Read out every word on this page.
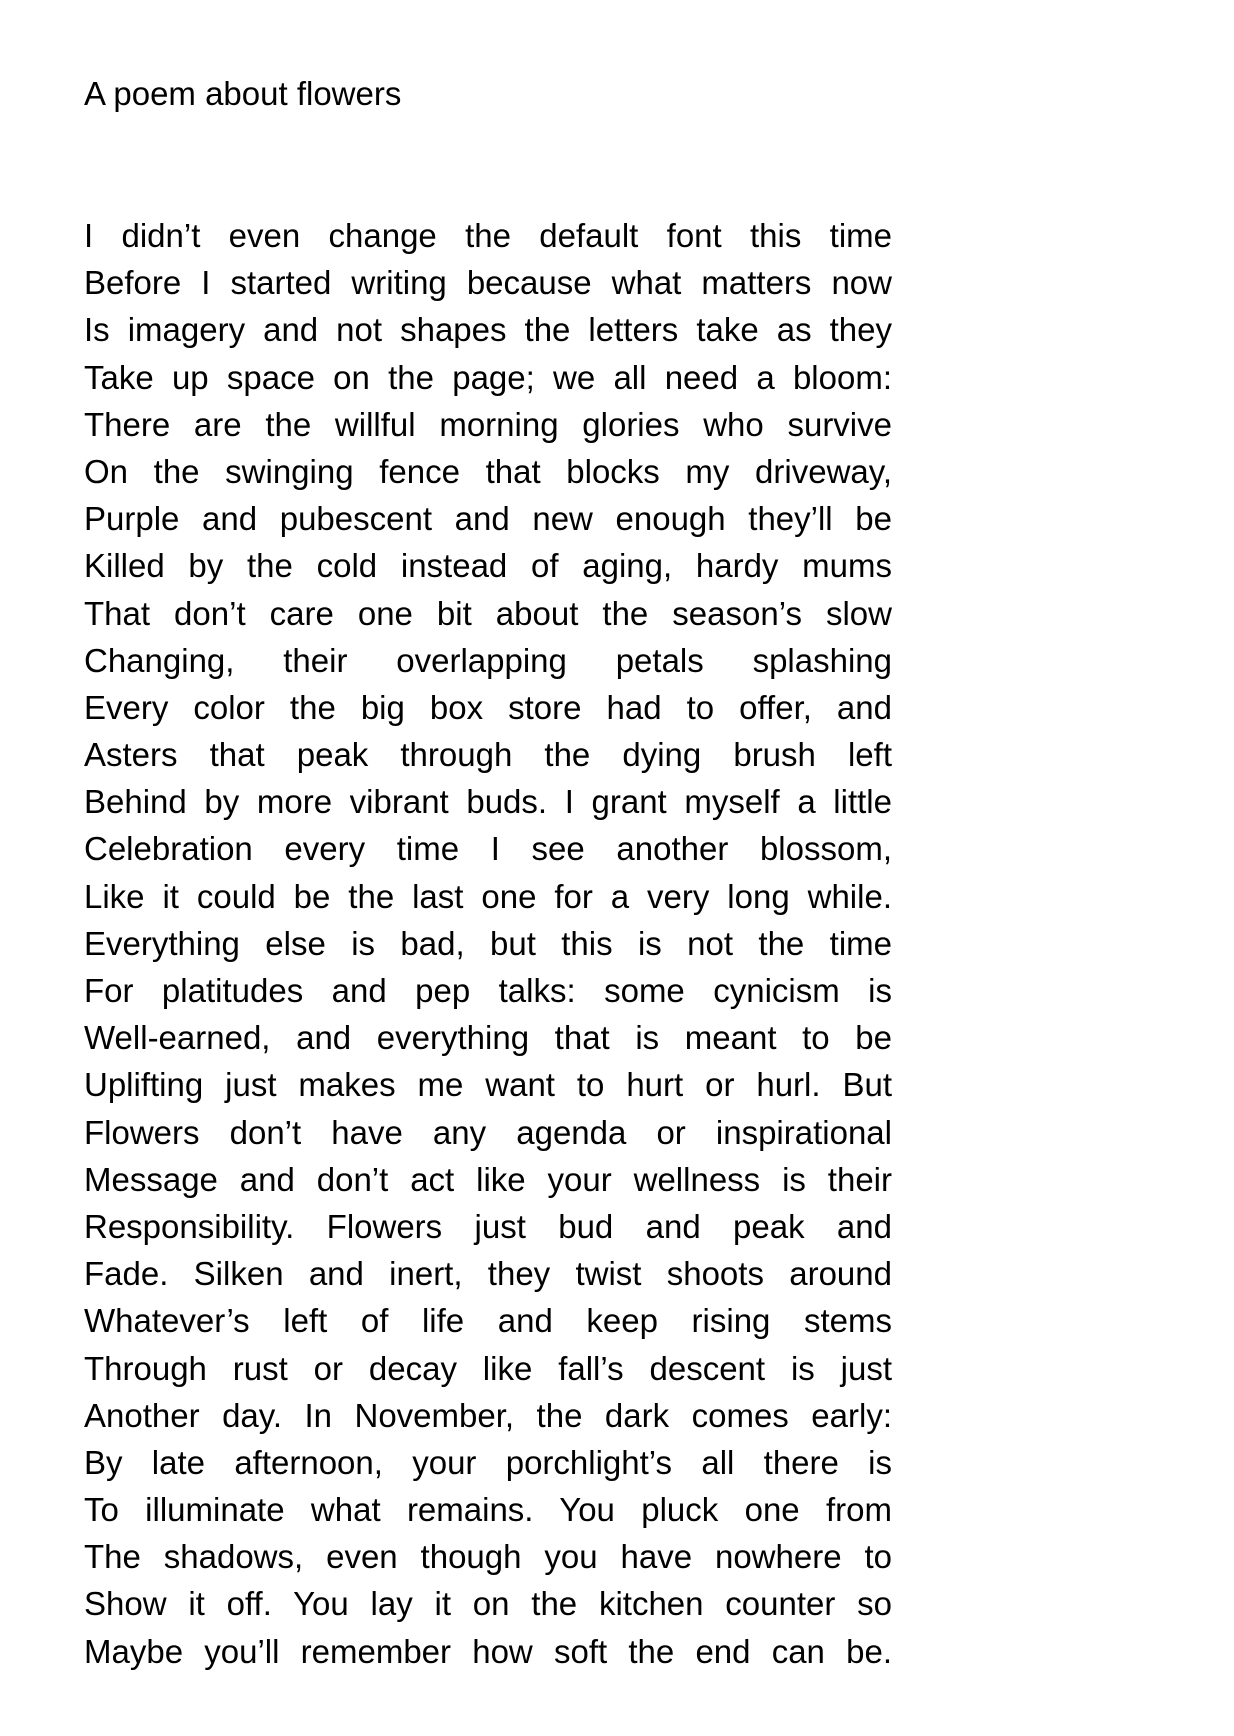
A poem about flowers
I didn’t even change the default font this time
Before I started writing because what matters now
Is imagery and not shapes the letters take as they
Take up space on the page; we all need a bloom:
There are the willful morning glories who survive
On the swinging fence that blocks my driveway,
Purple and pubescent and new enough they’ll be
Killed by the cold instead of aging, hardy mums
That don’t care one bit about the season’s slow
Changing, their overlapping petals splashing
Every color the big box store had to offer, and
Asters that peak through the dying brush left
Behind by more vibrant buds. I grant myself a little
Celebration every time I see another blossom,
Like it could be the last one for a very long while.
Everything else is bad, but this is not the time
For platitudes and pep talks: some cynicism is
Well-earned, and everything that is meant to be
Uplifting just makes me want to hurt or hurl. But
Flowers don’t have any agenda or inspirational
Message and don’t act like your wellness is their
Responsibility. Flowers just bud and peak and
Fade. Silken and inert, they twist shoots around
Whatever’s left of life and keep rising stems
Through rust or decay like fall’s descent is just
Another day. In November, the dark comes early:
By late afternoon, your porchlight’s all there is
To illuminate what remains. You pluck one from
The shadows, even though you have nowhere to
Show it off. You lay it on the kitchen counter so
Maybe you’ll remember how soft the end can be.
